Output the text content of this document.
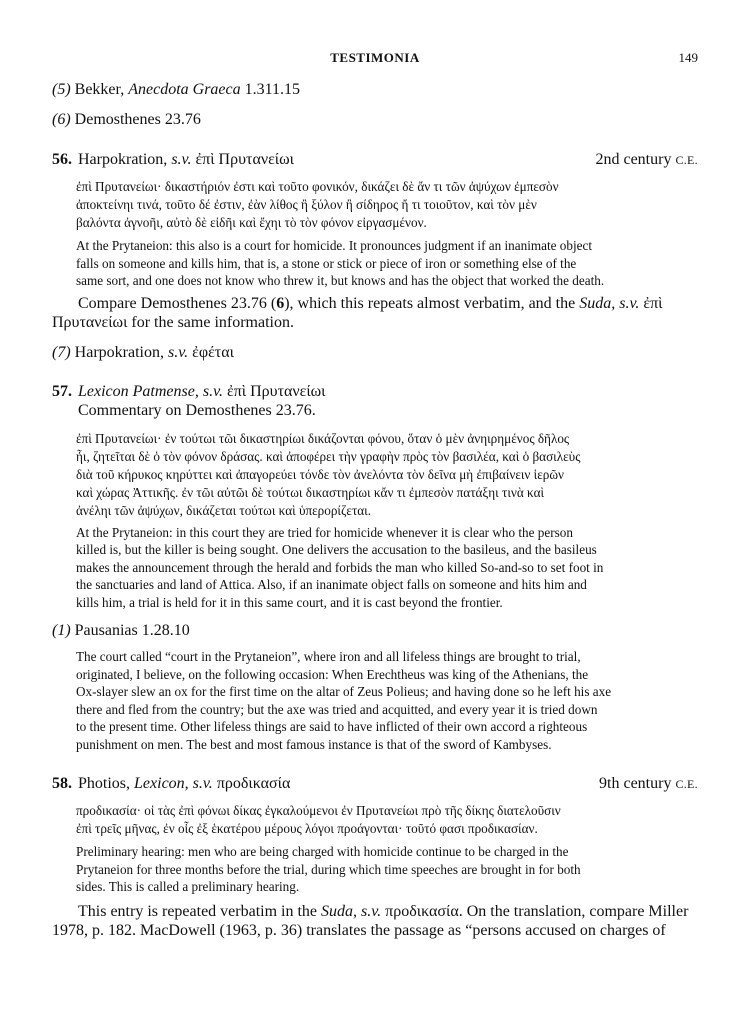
TESTIMONIA	149

(5) Bekker, Anecdota Graeca 1.311.15

(6) Demosthenes 23.76

56. Harpokration, s.v. ἐπὶ Πρυτανείωι	2nd century C.E.

ἐπὶ Πρυτανείωι· δικαστήριόν ἐστι καὶ τοῦτο φονικόν, δικάζει δὲ ἄν τι τῶν ἀψύχων ἐμπεσὸν

ἀποκτείνηι τινά, τοῦτο δέ ἐστιν, ἐὰν λίθος ἢ ξύλον ἢ σίδηρος ἤ τι τοιοῦτον, καὶ τὸν μὲν

βαλόντα ἀγνοῆι, αὐτὸ δὲ εἰδῆι καὶ ἔχηι τὸ τὸν φόνον εἰργασμένον.

At the Prytaneion: this also is a court for homicide. It pronounces judgment if an inanimate object

falls on someone and kills him, that is, a stone or stick or piece of iron or something else of the

same sort, and one does not know who threw it, but knows and has the object that worked the death.

Compare Demosthenes 23.76 (6), which this repeats almost verbatim, and the Suda, s.v. ἐπὶ

Πρυτανείωι for the same information.

(7) Harpokration, s.v. ἐφέται

57. Lexicon Patmense, s.v. ἐπὶ Πρυτανείωι
Commentary on Demosthenes 23.76.

ἐπὶ Πρυτανείωι· ἐν τούτωι τῶι δικαστηρίωι δικάζονται φόνου, ὅταν ὁ μὲν ἀνηιρημένος δῆλος

ἦι, ζητεῖται δὲ ὁ τὸν φόνον δράσας. καὶ ἀποφέρει τὴν γραφὴν πρὸς τὸν βασιλέα, καὶ ὁ βασιλεὺς

διὰ τοῦ κήρυκος κηρύττει καὶ ἀπαγορεύει τόνδε τὸν ἀνελόντα τὸν δεῖνα μὴ ἐπιβαίνειν ἱερῶν

καὶ χώρας Ἀττικῆς. ἐν τῶι αὐτῶι δὲ τούτωι δικαστηρίωι κἄν τι ἐμπεσὸν πατάξηι τινὰ καὶ

ἀνέληι τῶν ἀψύχων, δικάζεται τούτωι καὶ ὑπερορίζεται.

At the Prytaneion: in this court they are tried for homicide whenever it is clear who the person

killed is, but the killer is being sought. One delivers the accusation to the basileus, and the basileus

makes the announcement through the herald and forbids the man who killed So-and-so to set foot in

the sanctuaries and land of Attica. Also, if an inanimate object falls on someone and hits him and

kills him, a trial is held for it in this same court, and it is cast beyond the frontier.

(1) Pausanias 1.28.10

The court called “court in the Prytaneion”, where iron and all lifeless things are brought to trial,

originated, I believe, on the following occasion: When Erechtheus was king of the Athenians, the

Ox-slayer slew an ox for the first time on the altar of Zeus Polieus; and having done so he left his axe

there and fled from the country; but the axe was tried and acquitted, and every year it is tried down

to the present time. Other lifeless things are said to have inflicted of their own accord a righteous

punishment on men. The best and most famous instance is that of the sword of Kambyses.

58. Photios, Lexicon, s.v. προδικασία	9th century C.E.

προδικασία· οἱ τὰς ἐπὶ φόνωι δίκας ἐγκαλούμενοι ἐν Πρυτανείωι πρὸ τῆς δίκης διατελοῦσιν

ἐπὶ τρεῖς μῆνας, ἐν οἷς ἐξ ἑκατέρου μέρους λόγοι προάγονται· τοῦτό φασι προδικασίαν.

Preliminary hearing: men who are being charged with homicide continue to be charged in the

Prytaneion for three months before the trial, during which time speeches are brought in for both

sides. This is called a preliminary hearing.

This entry is repeated verbatim in the Suda, s.v. προδικασία. On the translation, compare Miller

1978, p. 182. MacDowell (1963, p. 36) translates the passage as “persons accused on charges of
